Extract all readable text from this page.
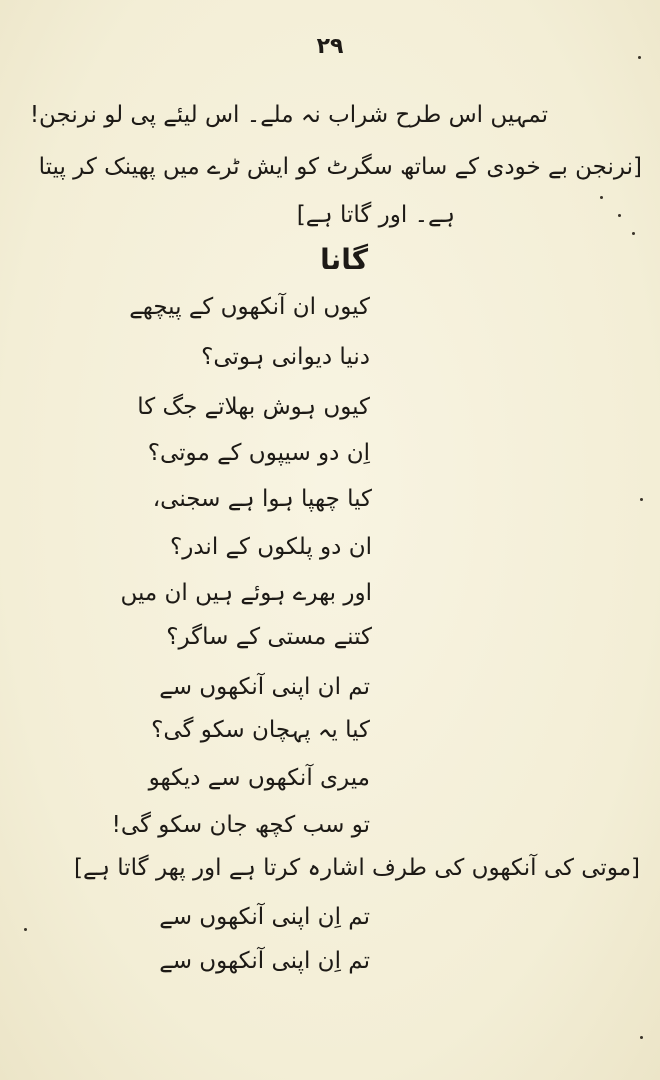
۲۹
تمہیں اس طرح شراب نہ ملے۔ اس لیئے پی لو نرنجن!
[نرنجن بے خودی کے ساتھ سگرٹ کو ایش ٹرے میں پھینک کر پیتا
ہے۔ اور گاتا ہے]
گانا
کیوں ان آنکھوں کے پیچھے
دنیا دیوانی ہوتی؟
کیوں ہوش بھلاتے جگ کا
اِن دو سیپوں کے موتی؟
کیا چھپا ہوا ہے سجنی،
ان دو پلکوں کے اندر؟
اور بھرے ہوئے ہیں ان میں
کتنے مستی کے ساگر؟
تم ان اپنی آنکھوں سے
کیا یہ پہچان سکو گی؟
میری آنکھوں سے دیکھو
تو سب کچھ جان سکو گی!
[موتی کی آنکھوں کی طرف اشارہ کرتا ہے اور پھر گاتا ہے]
تم اِن اپنی آنکھوں سے
تم اِن اپنی آنکھوں سے
